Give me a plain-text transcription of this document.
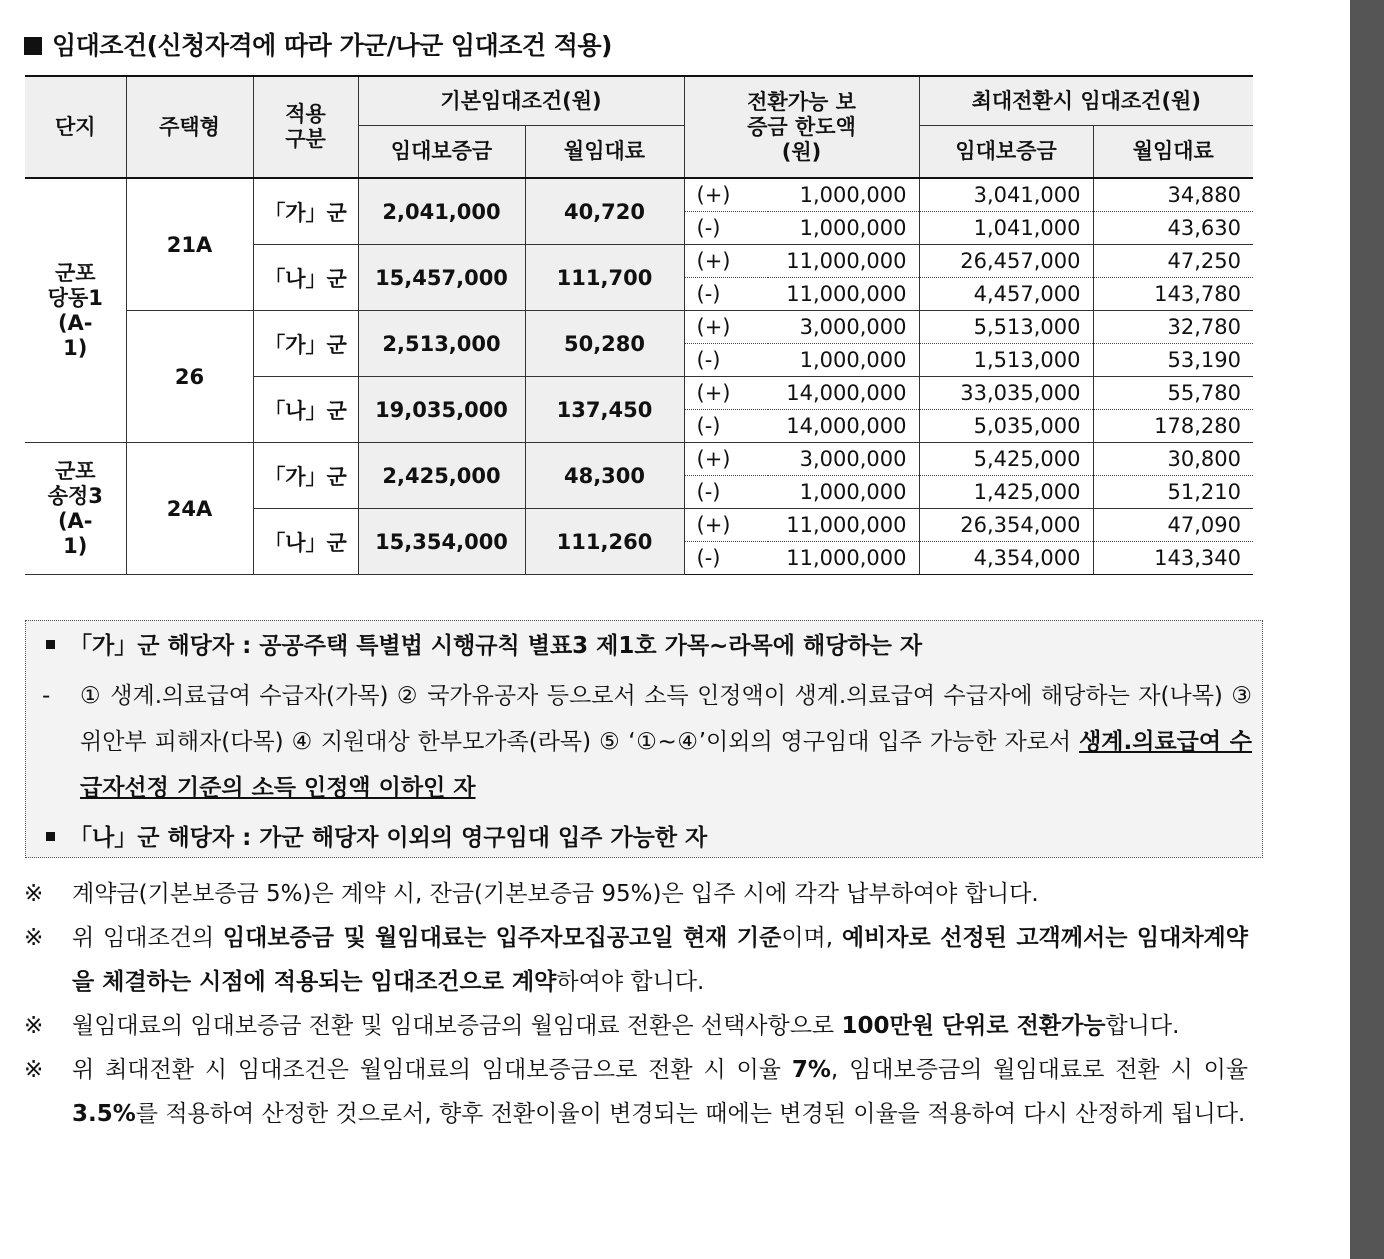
임대조건(신청자격에 따라 가군/나군 임대조건 적용)
단지	주택형	적용 구분	기본임대조건(원)		전환가능 보증금 한도액(원)		최대전환시 임대조건(원)	
			임대보증금	월임대료			임대보증금	월임대료
군포 당동1 (A-1)	21A	「가」군	2,041,000	40,720	(+)	1,000,000	3,041,000	34,880
					(-)	1,000,000	1,041,000	43,630
		「나」군	15,457,000	111,700	(+)	11,000,000	26,457,000	47,250
					(-)	11,000,000	4,457,000	143,780
	26	「가」군	2,513,000	50,280	(+)	3,000,000	5,513,000	32,780
					(-)	1,000,000	1,513,000	53,190
		「나」군	19,035,000	137,450	(+)	14,000,000	33,035,000	55,780
					(-)	14,000,000	5,035,000	178,280
군포 송정3 (A-1)	24A	「가」군	2,425,000	48,300	(+)	3,000,000	5,425,000	30,800
					(-)	1,000,000	1,425,000	51,210
		「나」군	15,354,000	111,260	(+)	11,000,000	26,354,000	47,090
					(-)	11,000,000	4,354,000	143,340
「가」군 해당자 : 공공주택 특별법 시행규칙 별표3 제1호 가목~라목에 해당하는 자
- ① 생계.의료급여 수급자(가목) ② 국가유공자 등으로서 소득 인정액이 생계.의료급여 수급자에 해당하는 자(나목) ③ 위안부 피해자(다목) ④ 지원대상 한부모가족(라목) ⑤ ‘①~④’이외의 영구임대 입주 가능한 자로서 생계.의료급여 수급자선정 기준의 소득 인정액 이하인 자
「나」군 해당자 : 가군 해당자 이외의 영구임대 입주 가능한 자

※ 계약금(기본보증금 5%)은 계약 시, 잔금(기본보증금 95%)은 입주 시에 각각 납부하여야 합니다.

※ 위 임대조건의 임대보증금 및 월임대료는 입주자모집공고일 현재 기준이며, 예비자로 선정된 고객께서는 임대차계약을 체결하는 시점에 적용되는 임대조건으로 계약하여야 합니다.

※ 월임대료의 임대보증금 전환 및 임대보증금의 월임대료 전환은 선택사항으로 100만원 단위로 전환가능합니다.

※ 위 최대전환 시 임대조건은 월임대료의 임대보증금으로 전환 시 이율 7%, 임대보증금의 월임대료로 전환 시 이율 3.5%를 적용하여 산정한 것으로서, 향후 전환이율이 변경되는 때에는 변경된 이율을 적용하여 다시 산정하게 됩니다.
